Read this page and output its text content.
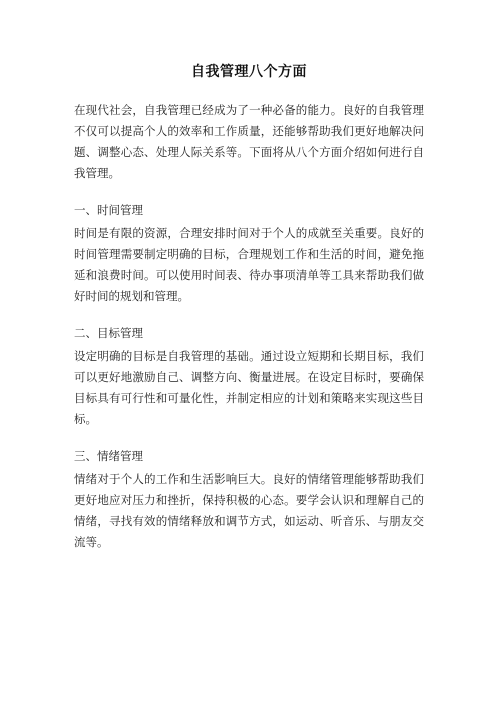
自我管理八个方面

在现代社会，自我管理已经成为了一种必备的能力。良好的自我管理不仅可以提高个人的效率和工作质量，还能够帮助我们更好地解决问题、调整心态、处理人际关系等。下面将从八个方面介绍如何进行自我管理。

一、时间管理

时间是有限的资源，合理安排时间对于个人的成就至关重要。良好的时间管理需要制定明确的目标，合理规划工作和生活的时间，避免拖延和浪费时间。可以使用时间表、待办事项清单等工具来帮助我们做好时间的规划和管理。

二、目标管理

设定明确的目标是自我管理的基础。通过设立短期和长期目标，我们可以更好地激励自己、调整方向、衡量进展。在设定目标时，要确保目标具有可行性和可量化性，并制定相应的计划和策略来实现这些目标。

三、情绪管理

情绪对于个人的工作和生活影响巨大。良好的情绪管理能够帮助我们更好地应对压力和挫折，保持积极的心态。要学会认识和理解自己的情绪，寻找有效的情绪释放和调节方式，如运动、听音乐、与朋友交流等。
